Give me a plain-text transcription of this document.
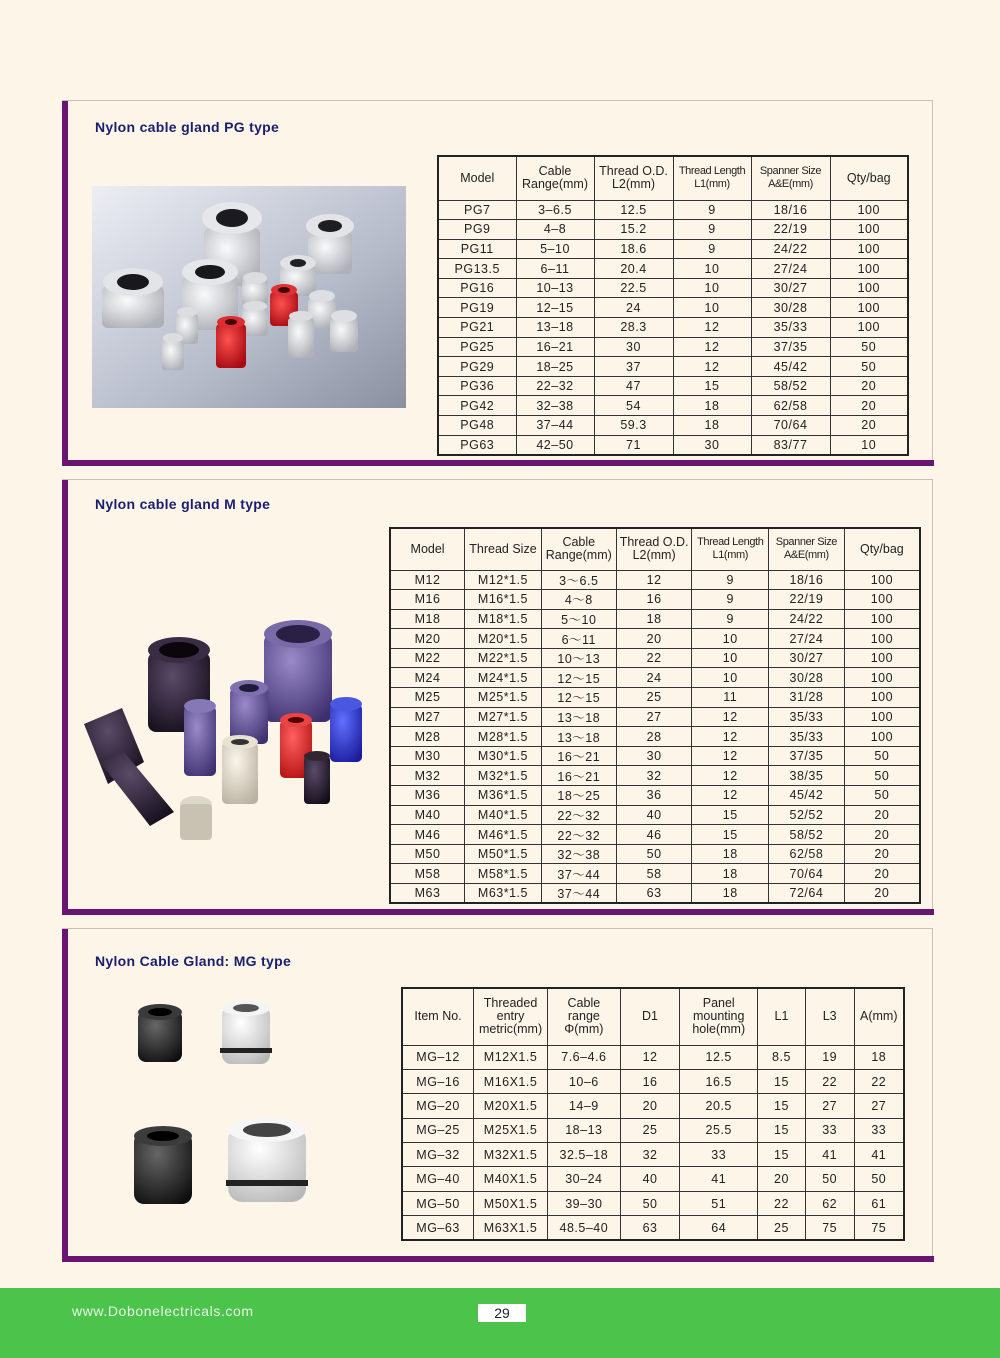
Nylon cable gland PG type
Model	Cable Range(mm)	Thread O.D. L2(mm)	Thread Length L1(mm)	Spanner Size A&E(mm)	Qty/bag
PG7	3–6.5	12.5	9	18/16	100
PG9	4–8	15.2	9	22/19	100
PG11	5–10	18.6	9	24/22	100
PG13.5	6–11	20.4	10	27/24	100
PG16	10–13	22.5	10	30/27	100
PG19	12–15	24	10	30/28	100
PG21	13–18	28.3	12	35/33	100
PG25	16–21	30	12	37/35	50
PG29	18–25	37	12	45/42	50
PG36	22–32	47	15	58/52	20
PG42	32–38	54	18	62/58	20
PG48	37–44	59.3	18	70/64	20
PG63	42–50	71	30	83/77	10
Nylon cable gland M type
Model	Thread Size	Cable Range(mm)	Thread O.D. L2(mm)	Thread Length L1(mm)	Spanner Size A&E(mm)	Qty/bag
M12	M12*1.5	3～6.5	12	9	18/16	100
M16	M16*1.5	4～8	16	9	22/19	100
M18	M18*1.5	5～10	18	9	24/22	100
M20	M20*1.5	6～11	20	10	27/24	100
M22	M22*1.5	10～13	22	10	30/27	100
M24	M24*1.5	12～15	24	10	30/28	100
M25	M25*1.5	12～15	25	11	31/28	100
M27	M27*1.5	13～18	27	12	35/33	100
M28	M28*1.5	13～18	28	12	35/33	100
M30	M30*1.5	16～21	30	12	37/35	50
M32	M32*1.5	16～21	32	12	38/35	50
M36	M36*1.5	18～25	36	12	45/42	50
M40	M40*1.5	22～32	40	15	52/52	20
M46	M46*1.5	22～32	46	15	58/52	20
M50	M50*1.5	32～38	50	18	62/58	20
M58	M58*1.5	37～44	58	18	70/64	20
M63	M63*1.5	37～44	63	18	72/64	20
Nylon Cable Gland: MG type
Item No.	Threaded entry metric(mm)	Cable range Φ(mm)	D1	Panel mounting hole(mm)	L1	L3	A(mm)
MG–12	M12X1.5	7.6–4.6	12	12.5	8.5	19	18
MG–16	M16X1.5	10–6	16	16.5	15	22	22
MG–20	M20X1.5	14–9	20	20.5	15	27	27
MG–25	M25X1.5	18–13	25	25.5	15	33	33
MG–32	M32X1.5	32.5–18	32	33	15	41	41
MG–40	M40X1.5	30–24	40	41	20	50	50
MG–50	M50X1.5	39–30	50	51	22	62	61
MG–63	M63X1.5	48.5–40	63	64	25	75	75
www.Dobonelectricals.com	29
